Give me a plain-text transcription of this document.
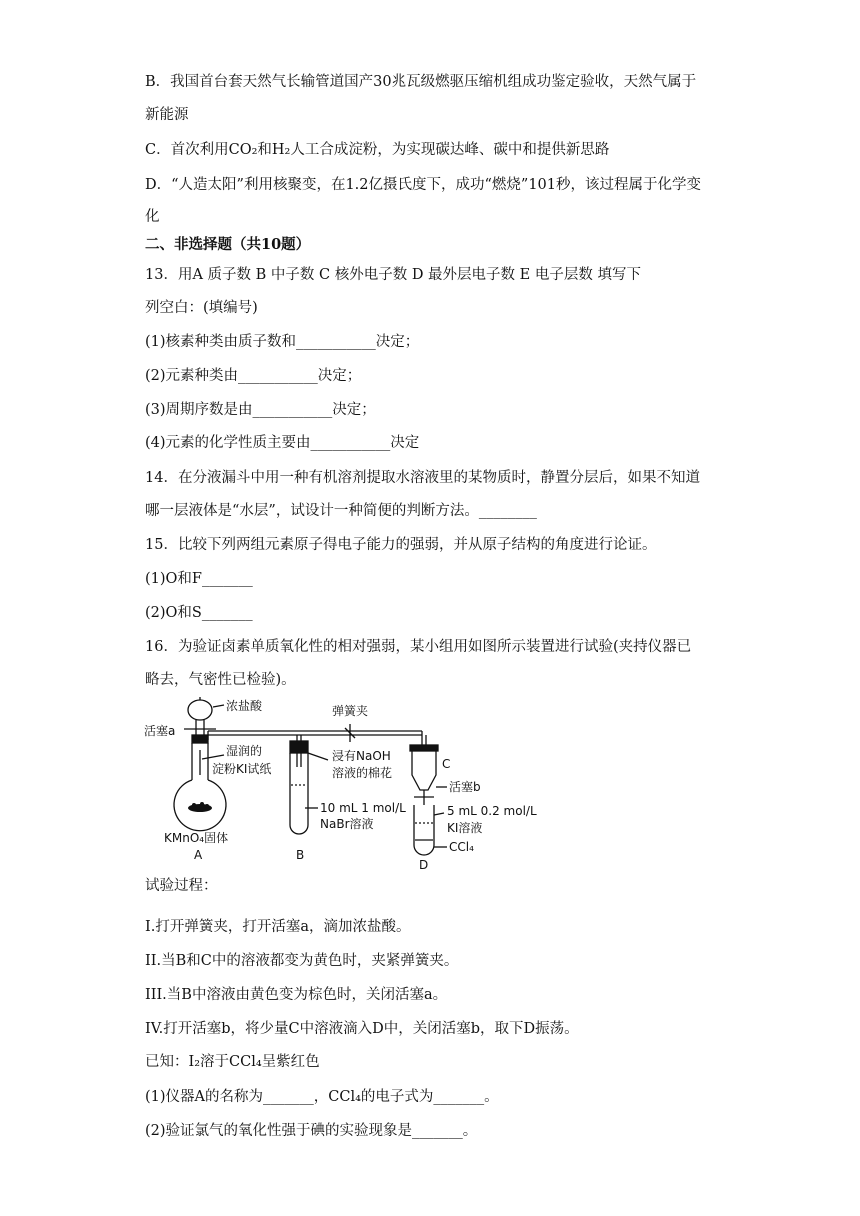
B．我国首台套天然气长输管道国产30兆瓦级燃驱压缩机组成功鉴定验收，天然气属于
新能源
C．首次利用CO₂和H₂人工合成淀粉，为实现碳达峰、碳中和提供新思路
D．“人造太阳”利用核聚变，在1.2亿摄氏度下，成功“燃烧”101秒，该过程属于化学变
化
二、非选择题（共10题）
13．用A 质子数 B 中子数 C 核外电子数 D 最外层电子数 E 电子层数 填写下
列空白：(填编号)
(1)核素种类由质子数和___________决定；
(2)元素种类由___________决定；
(3)周期序数是由___________决定；
(4)元素的化学性质主要由___________决定
14．在分液漏斗中用一种有机溶剂提取水溶液里的某物质时，静置分层后，如果不知道
哪一层液体是“水层”，试设计一种简便的判断方法。________
15．比较下列两组元素原子得电子能力的强弱，并从原子结构的角度进行论证。
(1)O和F_______
(2)O和S_______
16．为验证卤素单质氧化性的相对强弱，某小组用如图所示装置进行试验(夹持仪器已
略去，气密性已检验)。
浓盐酸
活塞a
弹簧夹
湿润的
淀粉KI试纸
浸有NaOH
溶液的棉花
C
活塞b
10 mL 1 mol/L
NaBr溶液
5 mL 0.2 mol/L
KI溶液
CCl₄
KMnO₄固体
A	B
D
试验过程：
I.打开弹簧夹，打开活塞a，滴加浓盐酸。
II.当B和C中的溶液都变为黄色时，夹紧弹簧夹。
III.当B中溶液由黄色变为棕色时，关闭活塞a。
IV.打开活塞b，将少量C中溶液滴入D中，关闭活塞b，取下D振荡。
已知：I₂溶于CCl₄呈紫红色
(1)仪器A的名称为_______，CCl₄的电子式为_______。
(2)验证氯气的氧化性强于碘的实验现象是_______。
